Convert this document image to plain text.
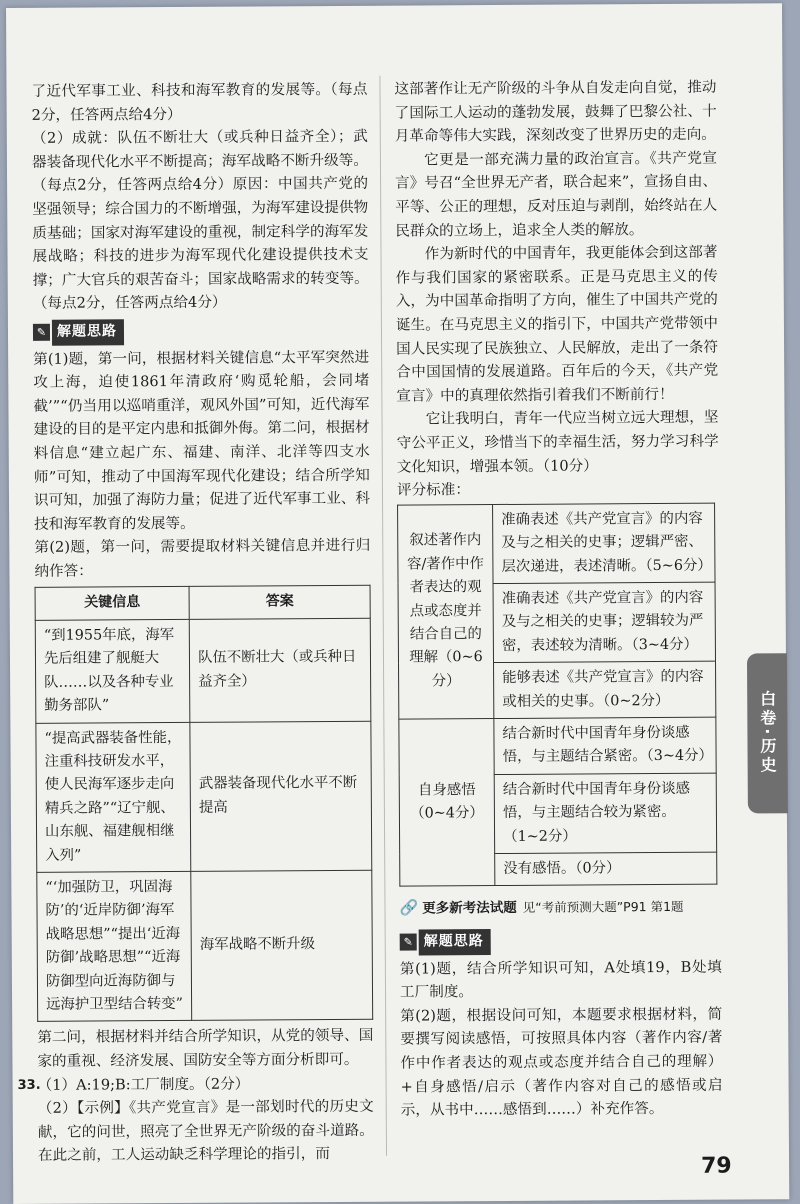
了近代军事工业、科技和海军教育的发展等。（每点2分，任答两点给4分）

（2）成就：队伍不断壮大（或兵种日益齐全）；武器装备现代化水平不断提高；海军战略不断升级等。（每点2分，任答两点给4分）原因：中国共产党的坚强领导；综合国力的不断增强，为海军建设提供物质基础；国家对海军建设的重视，制定科学的海军发展战略；科技的进步为海军现代化建设提供技术支撑；广大官兵的艰苦奋斗；国家战略需求的转变等。（每点2分，任答两点给4分）

✎ 解题思路

第(1)题，第一问，根据材料关键信息“太平军突然进攻上海，迫使1861年清政府‘购觅轮船，会同堵截’”“仍当用以巡哨重洋，观风外国”可知，近代海军建设的目的是平定内患和抵御外侮。第二问，根据材料信息“建立起广东、福建、南洋、北洋等四支水师”可知，推动了中国海军现代化建设；结合所学知识可知，加强了海防力量；促进了近代军事工业、科技和海军教育的发展等。

第(2)题，第一问，需要提取材料关键信息并进行归纳作答：

关键信息	答案
“到1955年底，海军先后组建了舰艇大队……以及各种专业勤务部队”	队伍不断壮大（或兵种日益齐全）
“提高武器装备性能，注重科技研发水平，使人民海军逐步走向精兵之路”“辽宁舰、山东舰、福建舰相继入列”	武器装备现代化水平不断提高
“‘加强防卫，巩固海防’的‘近岸防御’海军战略思想”“提出‘近海防御’战略思想”“近海防御型向近海防御与远海护卫型结合转变”	海军战略不断升级

第二问，根据材料并结合所学知识，从党的领导、国家的重视、经济发展、国防安全等方面分析即可。

33.
（1）A:19;B:工厂制度。（2分）

（2）【示例】《共产党宣言》是一部划时代的历史文献，它的问世，照亮了全世界无产阶级的奋斗道路。在此之前，工人运动缺乏科学理论的指引，而

这部著作让无产阶级的斗争从自发走向自觉，推动了国际工人运动的蓬勃发展，鼓舞了巴黎公社、十月革命等伟大实践，深刻改变了世界历史的走向。

它更是一部充满力量的政治宣言。《共产党宣言》号召“全世界无产者，联合起来”，宣扬自由、平等、公正的理想，反对压迫与剥削，始终站在人民群众的立场上，追求全人类的解放。

作为新时代的中国青年，我更能体会到这部著作与我们国家的紧密联系。正是马克思主义的传入，为中国革命指明了方向，催生了中国共产党的诞生。在马克思主义的指引下，中国共产党带领中国人民实现了民族独立、人民解放，走出了一条符合中国国情的发展道路。百年后的今天，《共产党宣言》中的真理依然指引着我们不断前行！

它让我明白，青年一代应当树立远大理想，坚守公平正义，珍惜当下的幸福生活，努力学习科学文化知识，增强本领。（10分）

评分标准：

叙述著作内容/著作中作者表达的观点或态度并结合自己的理解（0~6分）	准确表述《共产党宣言》的内容及与之相关的史事；逻辑严密、层次递进，表述清晰。（5~6分）
	准确表述《共产党宣言》的内容及与之相关的史事；逻辑较为严密，表述较为清晰。（3~4分）
	能够表述《共产党宣言》的内容或相关的史事。（0~2分）
自身感悟（0~4分）	结合新时代中国青年身份谈感悟，与主题结合紧密。（3~4分）
	结合新时代中国青年身份谈感悟，与主题结合较为紧密。（1~2分）
	没有感悟。（0分）
🔗 更多新考法试题 见“考前预测大题”P91 第1题
✎ 解题思路

第(1)题，结合所学知识可知，A处填19，B处填工厂制度。

第(2)题，根据设问可知，本题要求根据材料，简要撰写阅读感悟，可按照具体内容（著作内容/著作中作者表达的观点或态度并结合自己的理解）+自身感悟/启示（著作内容对自己的感悟或启示，从书中……感悟到……）补充作答。

白卷·历史
79
